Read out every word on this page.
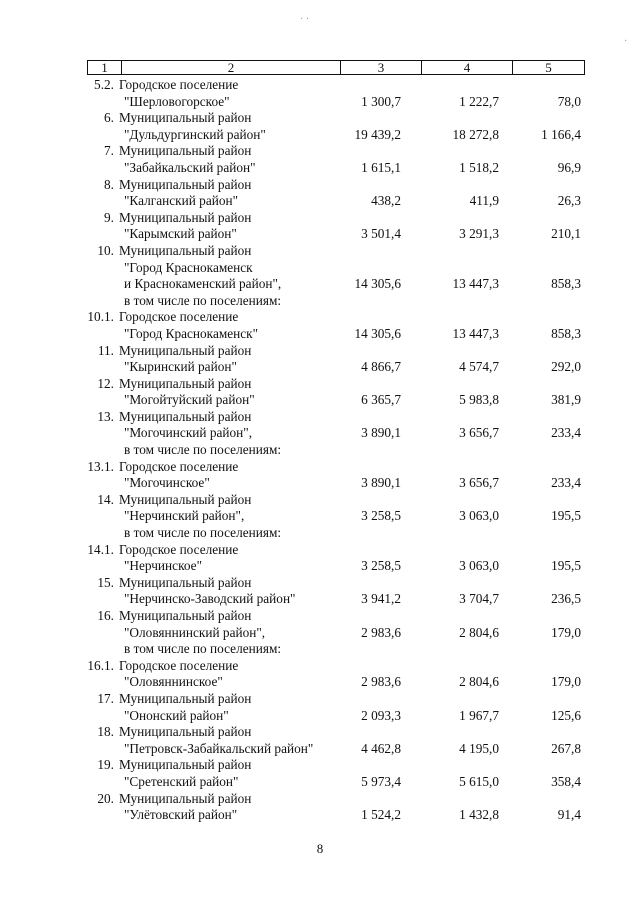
· ·
·
1	2	3	4	5
5.2. Городское поселение
"Шерловогорское"	1 300,7	1 222,7	78,0
6. Муниципальный район
"Дульдургинский район"	19 439,2	18 272,8	1 166,4
7. Муниципальный район
"Забайкальский район"	1 615,1	1 518,2	96,9
8. Муниципальный район
"Калганский район"	438,2	411,9	26,3
9. Муниципальный район
"Карымский район"	3 501,4	3 291,3	210,1
10. Муниципальный район
"Город Краснокаменск
и Краснокаменский район",	14 305,6	13 447,3	858,3
в том числе по поселениям:
10.1. Городское поселение
"Город Краснокаменск"	14 305,6	13 447,3	858,3
11. Муниципальный район
"Кыринский район"	4 866,7	4 574,7	292,0
12. Муниципальный район
"Могойтуйский район"	6 365,7	5 983,8	381,9
13. Муниципальный район
"Могочинский район",	3 890,1	3 656,7	233,4
в том числе по поселениям:
13.1. Городское поселение
"Могочинское"	3 890,1	3 656,7	233,4
14. Муниципальный район
"Нерчинский район",	3 258,5	3 063,0	195,5
в том числе по поселениям:
14.1. Городское поселение
"Нерчинское"	3 258,5	3 063,0	195,5
15. Муниципальный район
"Нерчинско-Заводский район"	3 941,2	3 704,7	236,5
16. Муниципальный район
"Оловяннинский район",	2 983,6	2 804,6	179,0
в том числе по поселениям:
16.1. Городское поселение
"Оловяннинское"	2 983,6	2 804,6	179,0
17. Муниципальный район
"Ононский район"	2 093,3	1 967,7	125,6
18. Муниципальный район
"Петровск-Забайкальский район"	4 462,8	4 195,0	267,8
19. Муниципальный район
"Сретенский район"	5 973,4	5 615,0	358,4
20. Муниципальный район
"Улётовский район"	1 524,2	1 432,8	91,4
8
